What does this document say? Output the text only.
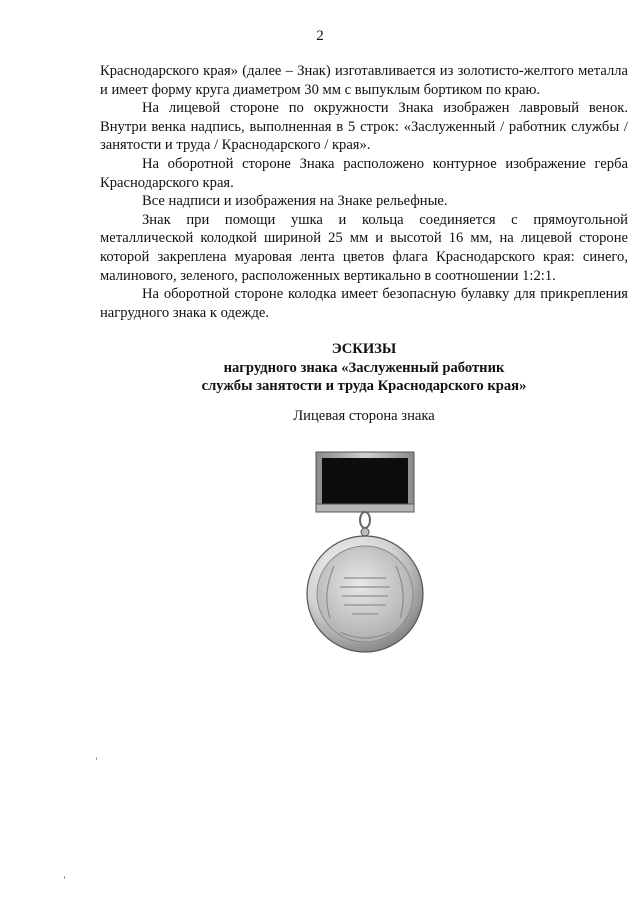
2

Краснодарского края» (далее – Знак) изготавливается из золотисто-желтого металла и имеет форму круга диаметром 30 мм с выпуклым бортиком по краю.

На лицевой стороне по окружности Знака изображен лавровый венок. Внутри венка надпись, выполненная в 5 строк: «Заслуженный / работник службы / занятости и труда / Краснодарского / края».

На оборотной стороне Знака расположено контурное изображение герба Краснодарского края.

Все надписи и изображения на Знаке рельефные.

Знак при помощи ушка и кольца соединяется с прямоугольной металлической колодкой шириной 25 мм и высотой 16 мм, на лицевой стороне которой закреплена муаровая лента цветов флага Краснодарского края: синего, малинового, зеленого, расположенных вертикально в соотношении 1:2:1.

На оборотной стороне колодка имеет безопасную булавку для прикрепления нагрудного знака к одежде.

ЭСКИЗЫ
нагрудного знака «Заслуженный работник
службы занятости и труда Краснодарского края»
Лицевая сторона знака
